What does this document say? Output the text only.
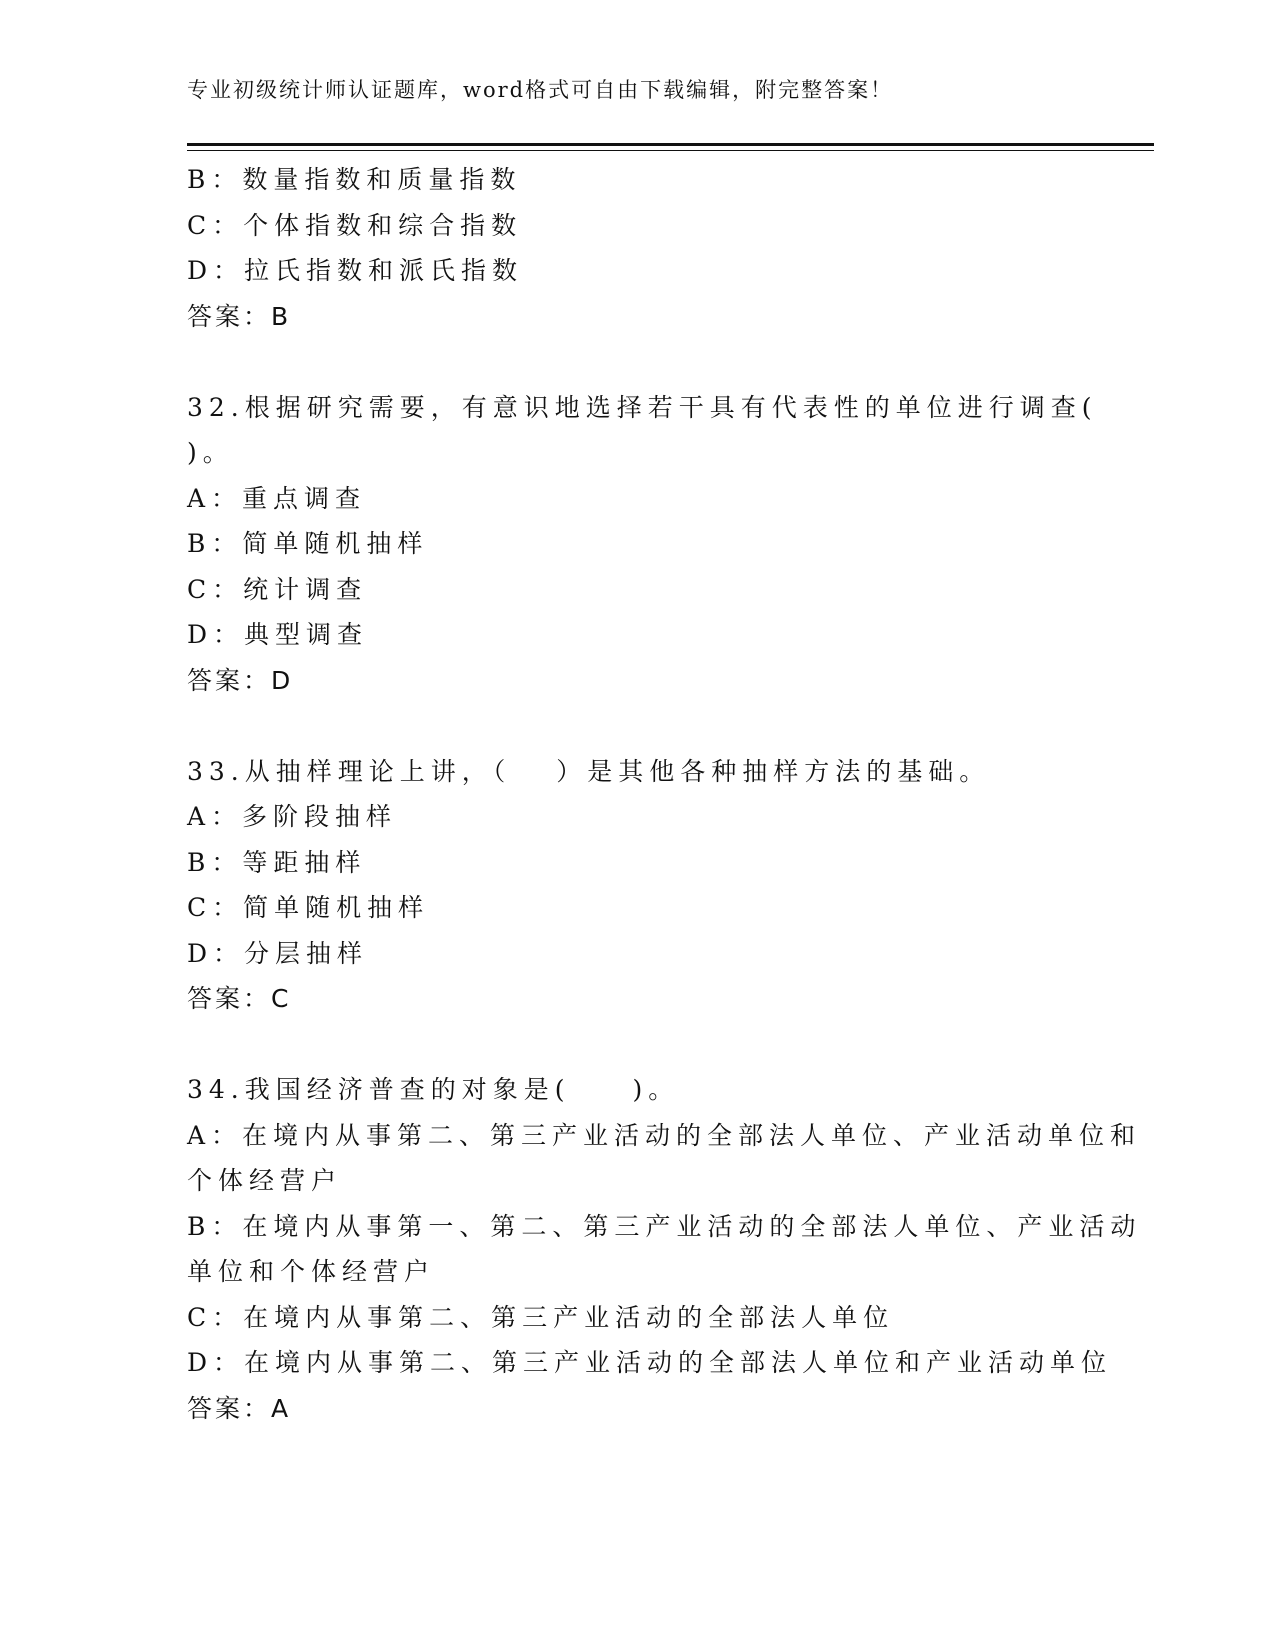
专业初级统计师认证题库，word格式可自由下载编辑，附完整答案！
B：数量指数和质量指数
C：个体指数和综合指数
D：拉氏指数和派氏指数
答案：B
32.根据研究需要，有意识地选择若干具有代表性的单位进行调查(
)。
A：重点调查
B：简单随机抽样
C：统计调查
D：典型调查
答案：D
33.从抽样理论上讲，（　 ）是其他各种抽样方法的基础。
A：多阶段抽样
B：等距抽样
C：简单随机抽样
D：分层抽样
答案：C
34.我国经济普查的对象是(　　)。
A：在境内从事第二、第三产业活动的全部法人单位、产业活动单位和
个体经营户
B：在境内从事第一、第二、第三产业活动的全部法人单位、产业活动
单位和个体经营户
C：在境内从事第二、第三产业活动的全部法人单位
D：在境内从事第二、第三产业活动的全部法人单位和产业活动单位
答案：A
